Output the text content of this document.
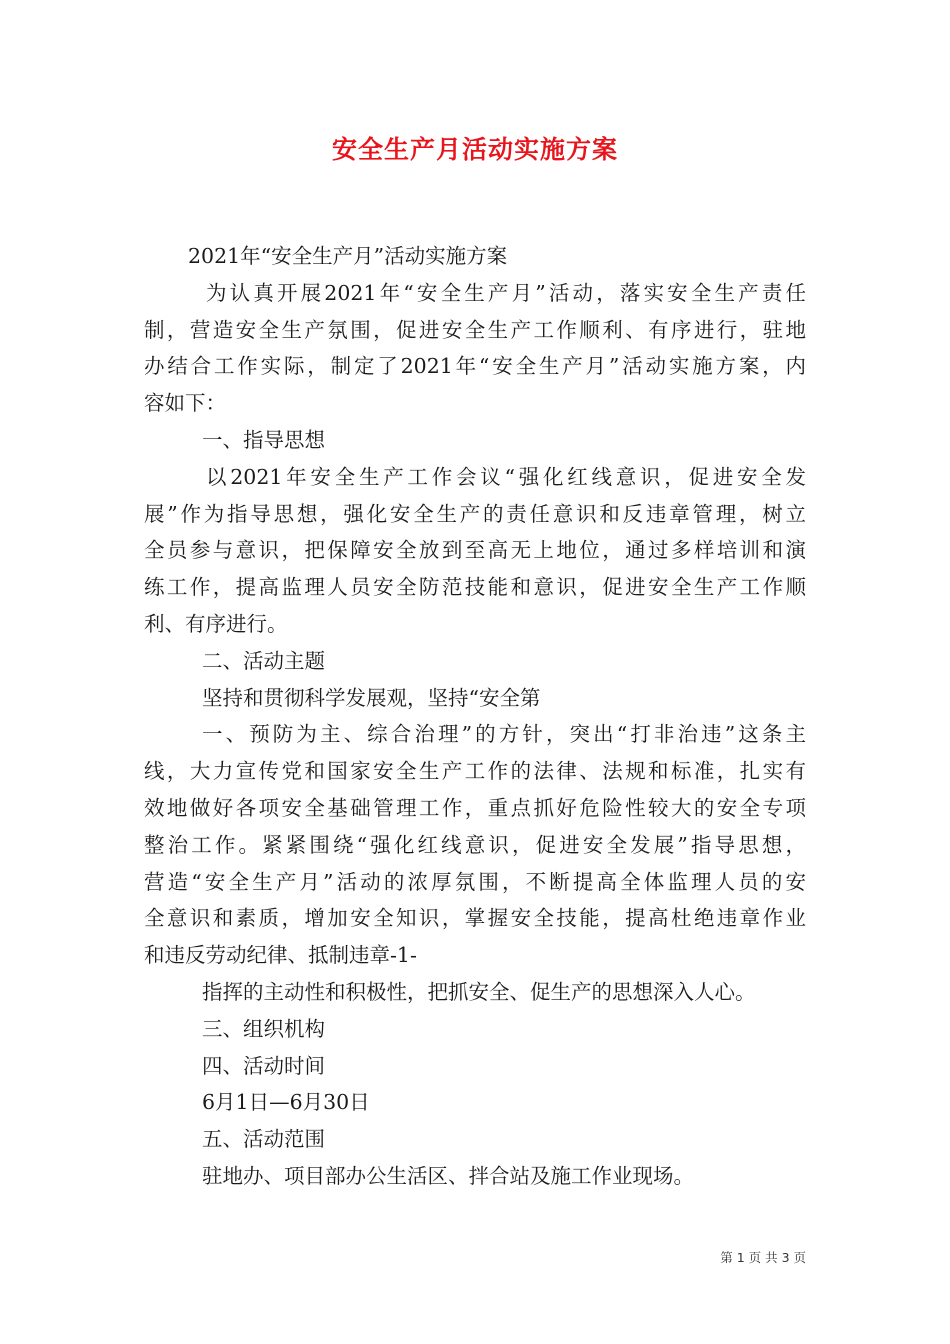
安全生产月活动实施方案
2021年“安全生产月”活动实施方案
为认真开展2021年“安全生产月”活动，落实安全生产责任
制，营造安全生产氛围，促进安全生产工作顺利、有序进行，驻地
办结合工作实际，制定了2021年“安全生产月”活动实施方案，内
容如下：
一、指导思想
以2021年安全生产工作会议“强化红线意识，促进安全发
展”作为指导思想，强化安全生产的责任意识和反违章管理，树立
全员参与意识，把保障安全放到至高无上地位，通过多样培训和演
练工作，提高监理人员安全防范技能和意识，促进安全生产工作顺
利、有序进行。
二、活动主题
坚持和贯彻科学发展观，坚持“安全第
一、预防为主、综合治理”的方针，突出“打非治违”这条主
线，大力宣传党和国家安全生产工作的法律、法规和标准，扎实有
效地做好各项安全基础管理工作，重点抓好危险性较大的安全专项
整治工作。紧紧围绕“强化红线意识，促进安全发展”指导思想，
营造“安全生产月”活动的浓厚氛围，不断提高全体监理人员的安
全意识和素质，增加安全知识，掌握安全技能，提高杜绝违章作业
和违反劳动纪律、抵制违章-1-
指挥的主动性和积极性，把抓安全、促生产的思想深入人心。
三、组织机构
四、活动时间
6月1日—6月30日
五、活动范围
驻地办、项目部办公生活区、拌合站及施工作业现场。
第 1 页 共 3 页
